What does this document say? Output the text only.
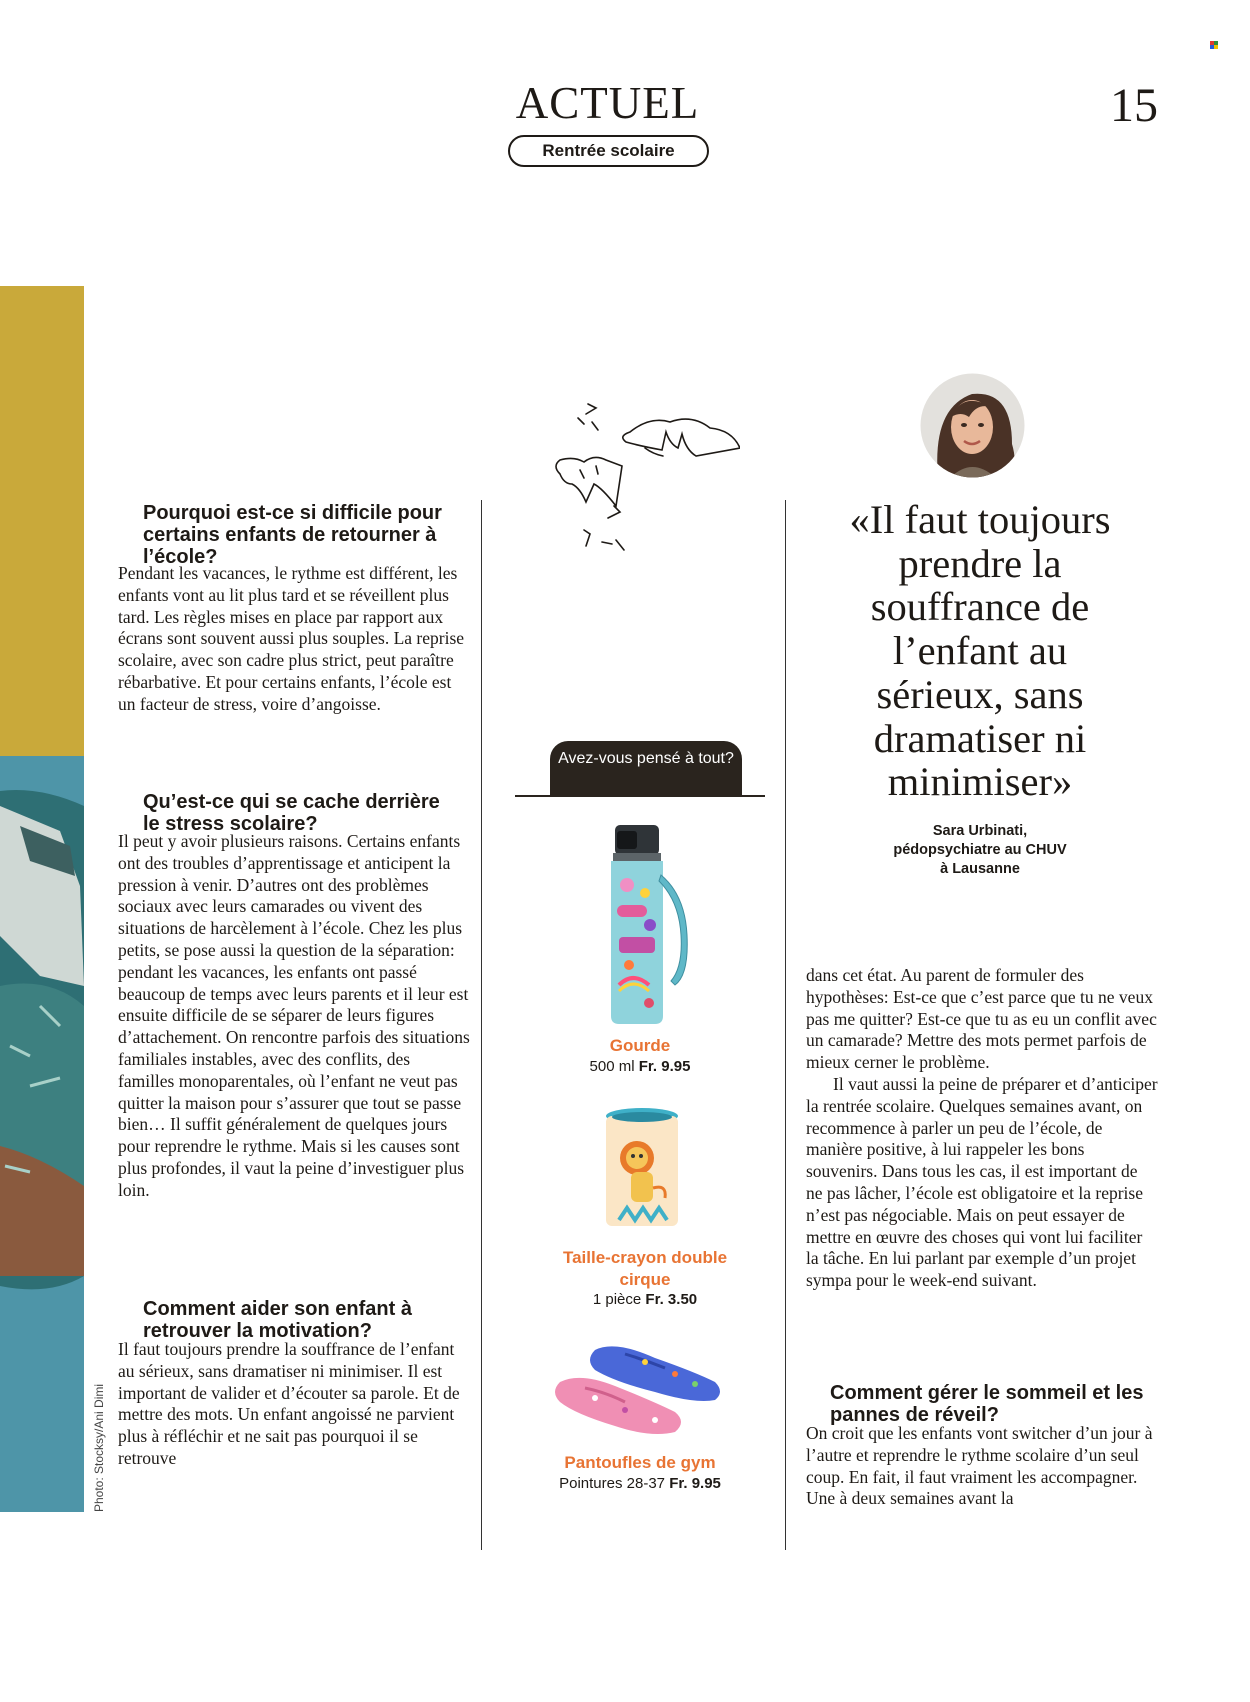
ACTUEL	15
Rentrée scolaire
Photo: Stocksy/Ani Dimi
Pourquoi est-ce si difficile pour certains enfants de retourner à l’école?
Pendant les vacances, le rythme est différent, les enfants vont au lit plus tard et se réveillent plus tard. Les règles mises en place par rapport aux écrans sont souvent aussi plus souples. La reprise scolaire, avec son cadre plus strict, peut paraître rébarbative. Et pour certains enfants, l’école est un facteur de stress, voire d’angoisse.
Qu’est-ce qui se cache derrière le stress scolaire?
Il peut y avoir plusieurs raisons. Certains enfants ont des troubles d’apprentissage et anticipent la pression à venir. D’autres ont des problèmes sociaux avec leurs camarades ou vivent des situations de harcèlement à l’école. Chez les plus petits, se pose aussi la question de la séparation: pendant les vacances, les enfants ont passé beaucoup de temps avec leurs parents et il leur est ensuite difficile de se séparer de leurs figures d’attachement. On rencontre parfois des situations familiales instables, avec des conflits, des familles monoparentales, où l’enfant ne veut pas quitter la maison pour s’assurer que tout se passe bien… Il suffit généralement de quelques jours pour reprendre le rythme. Mais si les causes sont plus profondes, il vaut la peine d’investiguer plus loin.
Comment aider son enfant à retrouver la motivation?
Il faut toujours prendre la souffrance de l’enfant au sérieux, sans dramatiser ni minimiser. Il est important de valider et d’écouter sa parole. Et de mettre des mots. Un enfant angoissé ne parvient plus à réfléchir et ne sait pas pourquoi il se retrouve
Avez-vous pensé à tout?
Gourde
500 ml Fr. 9.95
Taille-crayon double cirque
1 pièce Fr. 3.50
Pantoufles de gym
Pointures 28-37 Fr. 9.95
«Il faut toujours prendre la souffrance de l’enfant au sérieux, sans dramatiser ni minimiser»
Sara Urbinati,
pédopsychiatre au CHUV
à Lausanne
dans cet état. Au parent de formuler des hypothèses: Est-ce que c’est parce que tu ne veux pas me quitter? Est-ce que tu as eu un conflit avec un camarade? Mettre des mots permet parfois de mieux cerner le problème.
Il vaut aussi la peine de préparer et d’anticiper la rentrée scolaire. Quelques semaines avant, on recommence à parler un peu de l’école, de manière positive, à lui rappeler les bons souvenirs. Dans tous les cas, il est important de ne pas lâcher, l’école est obligatoire et la reprise n’est pas négociable. Mais on peut essayer de mettre en œuvre des choses qui vont lui faciliter la tâche. En lui parlant par exemple d’un projet sympa pour le week-end suivant.
Comment gérer le sommeil et les pannes de réveil?
On croit que les enfants vont switcher d’un jour à l’autre et reprendre le rythme scolaire d’un seul coup. En fait, il faut vraiment les accompagner. Une à deux semaines avant la
